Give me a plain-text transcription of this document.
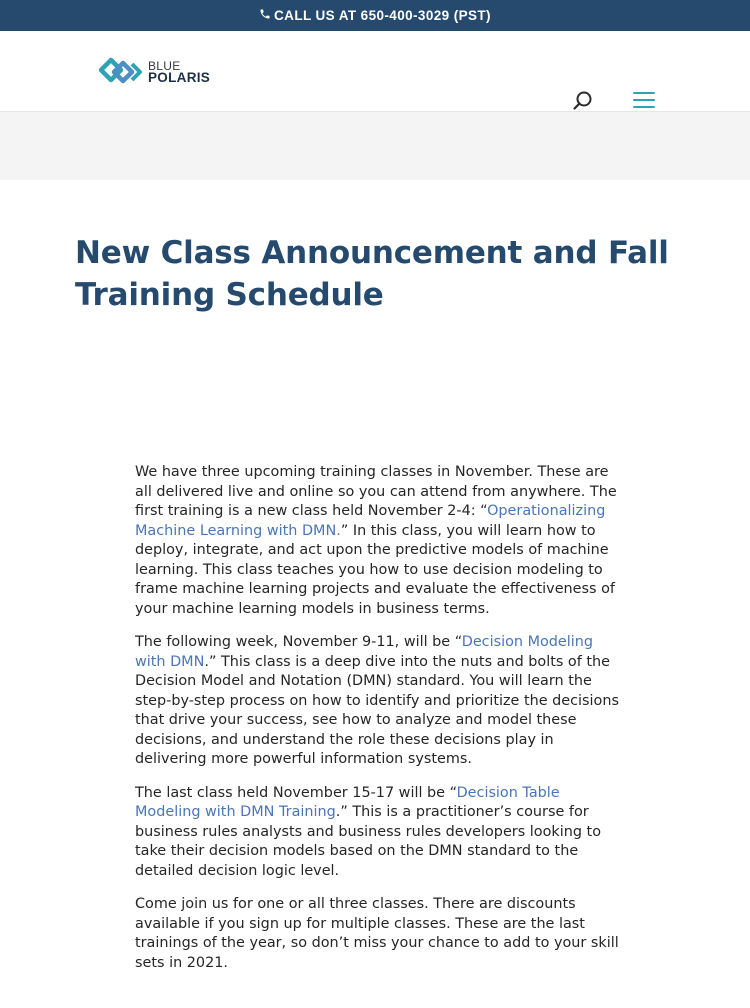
CALL US AT 650-400-3029 (PST)
BLUE
POLARIS
New Class Announcement and Fall Training Schedule

We have three upcoming training classes in November. These are all delivered live and online so you can attend from anywhere. The first training is a new class held November 2-4: “Operationalizing Machine Learning with DMN.” In this class, you will learn how to deploy, integrate, and act upon the predictive models of machine learning. This class teaches you how to use decision modeling to frame machine learning projects and evaluate the effectiveness of your machine learning models in business terms.

The following week, November 9-11, will be “Decision Modeling with DMN.” This class is a deep dive into the nuts and bolts of the Decision Model and Notation (DMN) standard. You will learn the step-by-step process on how to identify and prioritize the decisions that drive your success, see how to analyze and model these decisions, and understand the role these decisions play in delivering more powerful information systems.

The last class held November 15-17 will be “Decision Table Modeling with DMN Training.” This is a practitioner’s course for business rules analysts and business rules developers looking to take their decision models based on the DMN standard to the detailed decision logic level.

Come join us for one or all three classes. There are discounts available if you sign up for multiple classes. These are the last trainings of the year, so don’t miss your chance to add to your skill sets in 2021.
